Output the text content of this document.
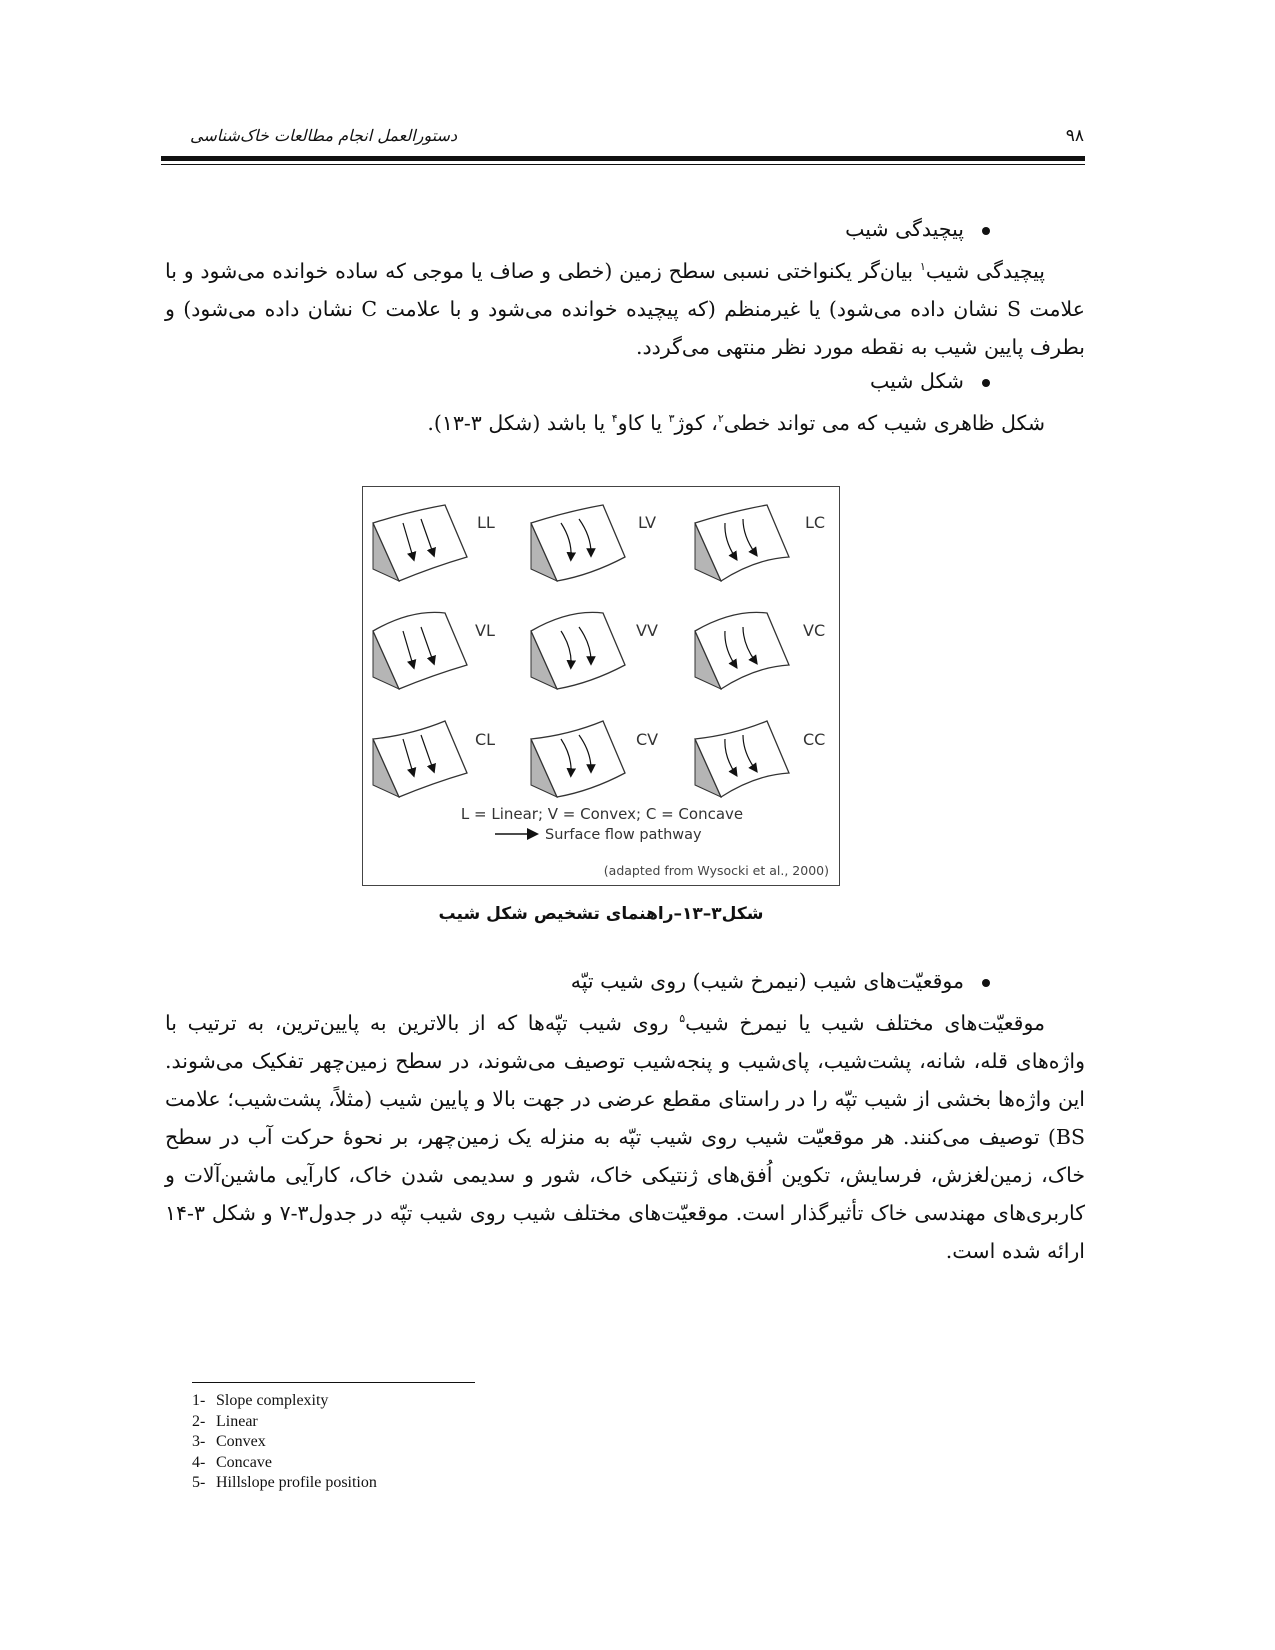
دستورالعمل انجام مطالعات خاک‌شناسی	۹۸
پیچیدگی شیب
پیچیدگی شیب$^۱$ بیان‌گر یکنواختی نسبی سطح زمین (خطی و صاف یا موجی که ساده خوانده می‌شود و با علامت S نشان داده می‌شود) یا غیرمنظم (که پیچیده خوانده می‌شود و با علامت C نشان داده می‌شود) و بطرف پایین شیب به نقطه مورد نظر منتهی می‌گردد.
شکل شیب
شکل ظاهری شیب که می تواند خطی$^۲$، کوژ$^۳$ یا کاو$^۴$ یا باشد (شکل ۳-۱۳).
LL	LV	LC
VL	VV	VC
CL	CV	CC
L = Linear; V = Convex; C = Concave
Surface flow pathway
(adapted from Wysocki et al., 2000)
شکل۳–۱۳–راهنمای تشخیص شکل شیب
موقعیّت‌های شیب (نیمرخ شیب) روی شیب تپّه
موقعیّت‌های مختلف شیب یا نیمرخ شیب$^۵$ روی شیب تپّه‌ها که از بالاترین به پایین‌ترین، به ترتیب با واژه‌های قله، شانه، پشت‌شیب، پای‌شیب و پنجه‌شیب توصیف می‌شوند، در سطح زمین‌چهر تفکیک می‌شوند. این واژه‌ها بخشی از شیب تپّه را در راستای مقطع عرضی در جهت بالا و پایین شیب (مثلاً، پشت‌شیب؛ علامت BS) توصیف می‌کنند. هر موقعیّت شیب روی شیب تپّه به منزله یک زمین‌چهر، بر نحوهٔ حرکت آب در سطح خاک، زمین‌لغزش، فرسایش، تکوین اُفق‌های ژنتیکی خاک، شور و سدیمی شدن خاک، کارآیی ماشین‌آلات و کاربری‌های مهندسی خاک تأثیرگذار است. موقعیّت‌های مختلف شیب روی شیب تپّه در جدول۳-۷ و شکل ۳-۱۴ ارائه شده است.
1- Slope complexity
2- Linear
3- Convex
4- Concave
5- Hillslope profile position
